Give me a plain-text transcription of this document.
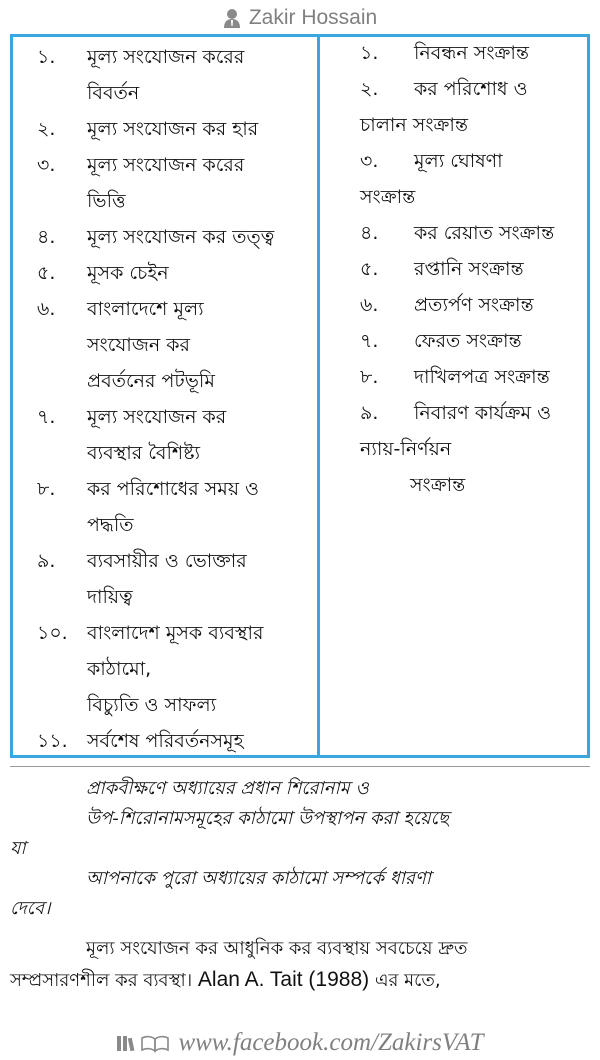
Zakir Hossain
১.	মূল্য সংযোজন করের
বিবর্তন
২.	মূল্য সংযোজন কর হার
৩.	মূল্য সংযোজন করের
ভিত্তি
৪.	মূল্য সংযোজন কর তত্ত্ব
৫.	মূসক চেইন
৬.	বাংলাদেশে মূল্য
সংযোজন কর
প্রবর্তনের পটভূমি
৭.	মূল্য সংযোজন কর
ব্যবস্থার বৈশিষ্ট্য
৮.	কর পরিশোধের সময় ও
পদ্ধতি
৯.	ব্যবসায়ীর ও ভোক্তার
দায়িত্ব
১০.	বাংলাদেশ মূসক ব্যবস্থার
কাঠামো,
বিচ্যুতি ও সাফল্য
১১.	সর্বশেষ পরিবর্তনসমূহ
১.	নিবন্ধন সংক্রান্ত
২.	কর পরিশোধ ও
চালান সংক্রান্ত
৩.	মূল্য ঘোষণা
সংক্রান্ত
৪.	কর রেয়াত সংক্রান্ত
৫.	রপ্তানি সংক্রান্ত
৬.	প্রত্যর্পণ সংক্রান্ত
৭.	ফেরত সংক্রান্ত
৮.	দাখিলপত্র সংক্রান্ত
৯.	নিবারণ কার্যক্রম ও
ন্যায়-নির্ণয়ন
সংক্রান্ত
প্রাকবীক্ষণে অধ্যায়ের প্রধান শিরোনাম ও
উপ-শিরোনামসমূহের কাঠামো উপস্থাপন করা হয়েছে
যা
আপনাকে পুরো অধ্যায়ের কাঠামো সম্পর্কে ধারণা
দেবে।
মূল্য সংযোজন কর আধুনিক কর ব্যবস্থায় সবচেয়ে দ্রুত
সম্প্রসারণশীল কর ব্যবস্থা। Alan A. Tait (1988) এর মতে,
www.facebook.com/ZakirsVAT
